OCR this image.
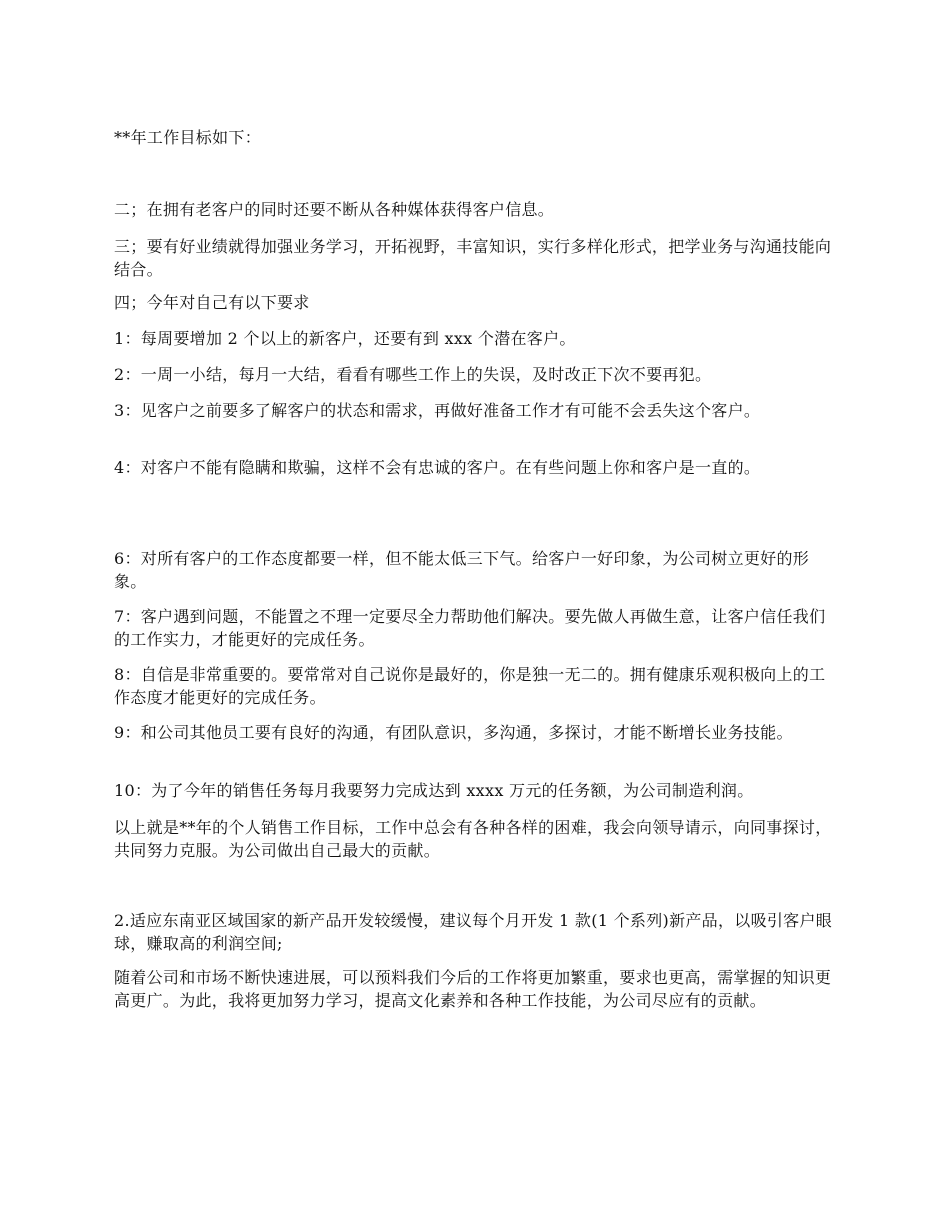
**年工作目标如下：

二；在拥有老客户的同时还要不断从各种媒体获得客户信息。

三；要有好业绩就得加强业务学习，开拓视野，丰富知识，实行多样化形式，把学业务与沟通技能向结合。

四；今年对自己有以下要求

1：每周要增加 2 个以上的新客户，还要有到 xxx 个潜在客户。

2：一周一小结，每月一大结，看看有哪些工作上的失误，及时改正下次不要再犯。

3：见客户之前要多了解客户的状态和需求，再做好准备工作才有可能不会丢失这个客户。

4：对客户不能有隐瞒和欺骗，这样不会有忠诚的客户。在有些问题上你和客户是一直的。

6：对所有客户的工作态度都要一样，但不能太低三下气。给客户一好印象，为公司树立更好的形象。

7：客户遇到问题，不能置之不理一定要尽全力帮助他们解决。要先做人再做生意，让客户信任我们的工作实力，才能更好的完成任务。

8：自信是非常重要的。要常常对自己说你是最好的，你是独一无二的。拥有健康乐观积极向上的工作态度才能更好的完成任务。

9：和公司其他员工要有良好的沟通，有团队意识，多沟通，多探讨，才能不断增长业务技能。

10：为了今年的销售任务每月我要努力完成达到 xxxx 万元的任务额，为公司制造利润。

以上就是**年的个人销售工作目标，工作中总会有各种各样的困难，我会向领导请示，向同事探讨，共同努力克服。为公司做出自己最大的贡献。

2.适应东南亚区域国家的新产品开发较缓慢，建议每个月开发 1 款(1 个系列)新产品，以吸引客户眼球，赚取高的利润空间;

随着公司和市场不断快速进展，可以预料我们今后的工作将更加繁重，要求也更高，需掌握的知识更高更广。为此，我将更加努力学习，提高文化素养和各种工作技能，为公司尽应有的贡献。
